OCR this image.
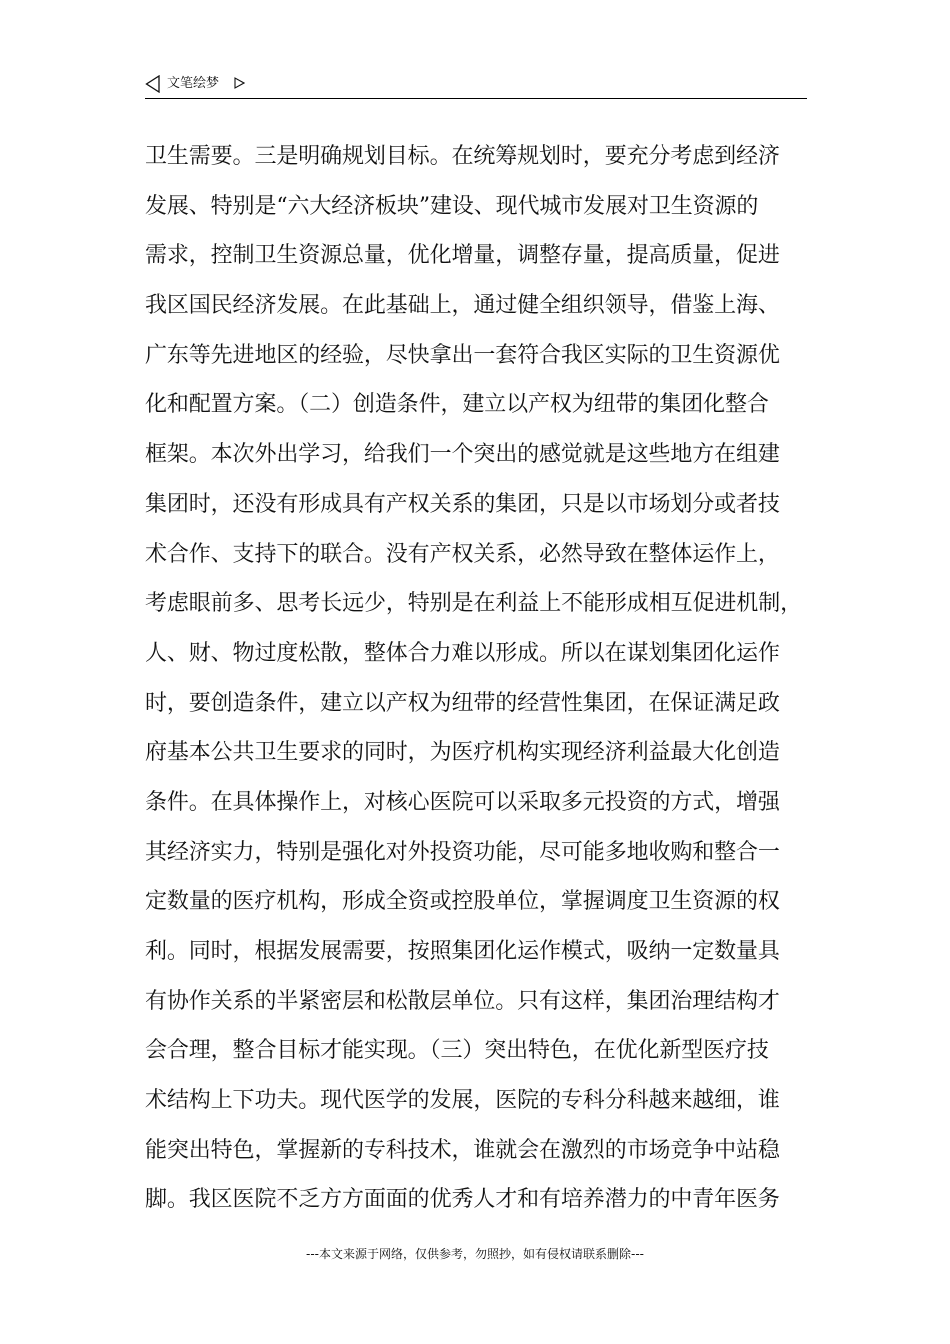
文笔绘梦
卫生需要。三是明确规划目标。在统筹规划时，要充分考虑到经济
发展、特别是“六大经济板块”建设、现代城市发展对卫生资源的
需求，控制卫生资源总量，优化增量，调整存量，提高质量，促进
我区国民经济发展。在此基础上，通过健全组织领导，借鉴上海、
广东等先进地区的经验，尽快拿出一套符合我区实际的卫生资源优
化和配置方案。（二）创造条件，建立以产权为纽带的集团化整合
框架。本次外出学习，给我们一个突出的感觉就是这些地方在组建
集团时，还没有形成具有产权关系的集团，只是以市场划分或者技
术合作、支持下的联合。没有产权关系，必然导致在整体运作上，
考虑眼前多、思考长远少，特别是在利益上不能形成相互促进机制，
人、财、物过度松散，整体合力难以形成。所以在谋划集团化运作
时，要创造条件，建立以产权为纽带的经营性集团，在保证满足政
府基本公共卫生要求的同时，为医疗机构实现经济利益最大化创造
条件。在具体操作上，对核心医院可以采取多元投资的方式，增强
其经济实力，特别是强化对外投资功能，尽可能多地收购和整合一
定数量的医疗机构，形成全资或控股单位，掌握调度卫生资源的权
利。同时，根据发展需要，按照集团化运作模式，吸纳一定数量具
有协作关系的半紧密层和松散层单位。只有这样，集团治理结构才
会合理，整合目标才能实现。（三）突出特色，在优化新型医疗技
术结构上下功夫。现代医学的发展，医院的专科分科越来越细，谁
能突出特色，掌握新的专科技术，谁就会在激烈的市场竞争中站稳
脚。我区医院不乏方方面面的优秀人才和有培养潜力的中青年医务
---本文来源于网络，仅供参考，勿照抄，如有侵权请联系删除---
